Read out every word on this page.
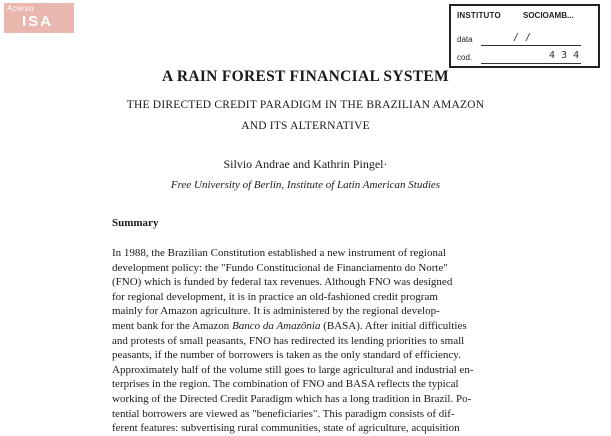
Acervo
ISA	INSTITUTO	SOCIOAMB...
data	/ /
cod.	4 3 4
A RAIN FOREST FINANCIAL SYSTEM
THE DIRECTED CREDIT PARADIGM IN THE BRAZILIAN AMAZON
AND ITS ALTERNATIVE
Silvio Andrae and Kathrin Pingel·
Free University of Berlin, Institute of Latin American Studies
Summary
In 1988, the Brazilian Constitution established a new instrument of regional
development policy: the "Fundo Constitucional de Financiamento do Norte"
(FNO) which is funded by federal tax revenues. Although FNO was designed
for regional development, it is in practice an old-fashioned credit program
mainly for Amazon agriculture. It is administered by the regional develop-
ment bank for the Amazon Banco da Amazônia (BASA). After initial difficulties
and protests of small peasants, FNO has redirected its lending priorities to small
peasants, if the number of borrowers is taken as the only standard of efficiency.
Approximately half of the volume still goes to large agricultural and industrial en-
terprises in the region. The combination of FNO and BASA reflects the typical
working of the Directed Credit Paradigm which has a long tradition in Brazil. Po-
tential borrowers are viewed as "beneficiaries". This paradigm consists of dif-
ferent features: subvertising rural communities, state of agriculture, acquisition
